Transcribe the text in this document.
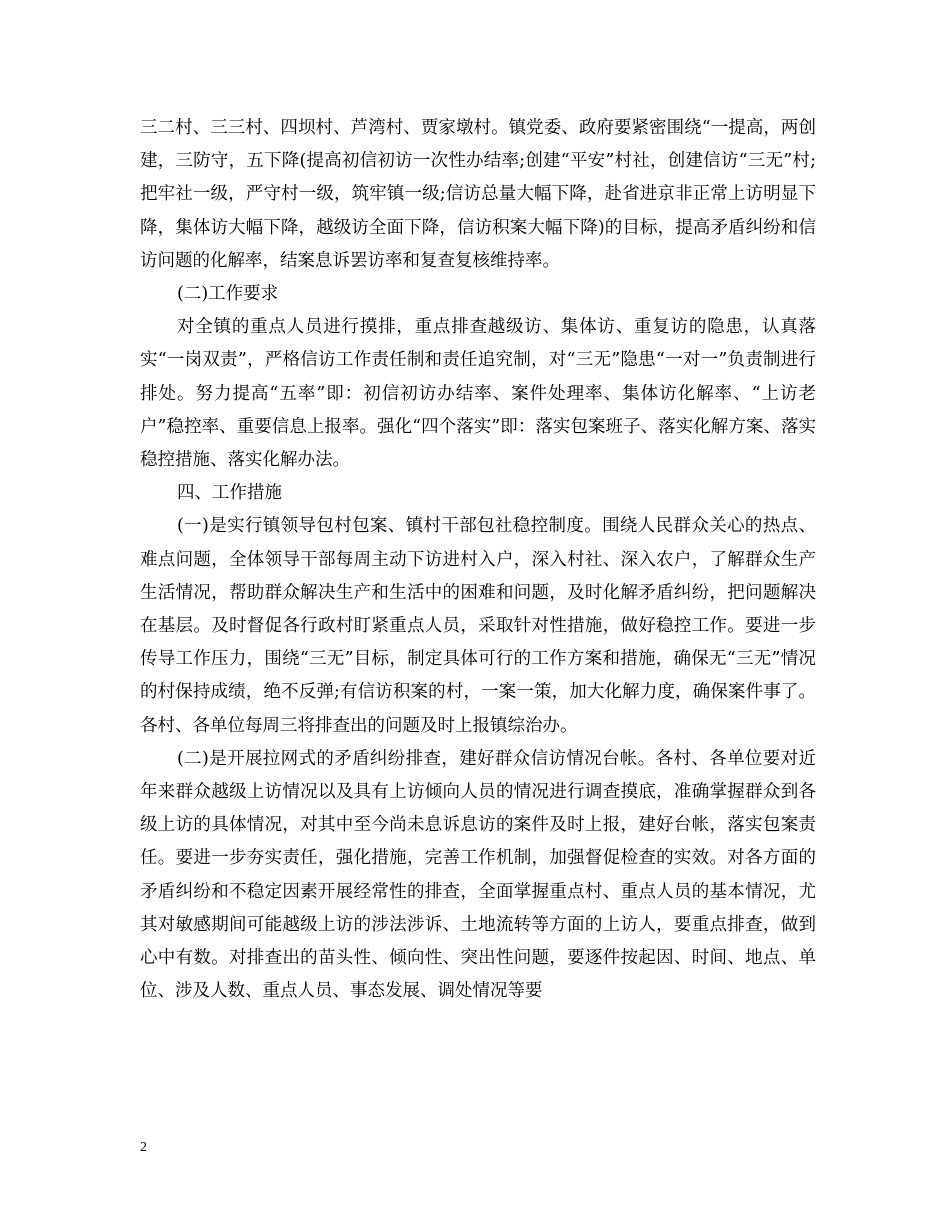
三二村、三三村、四坝村、芦湾村、贾家墩村。镇党委、政府要紧密围绕“一提高，两创建，三防守，五下降(提高初信初访一次性办结率;创建“平安”村社，创建信访“三无”村;把牢社一级，严守村一级，筑牢镇一级;信访总量大幅下降，赴省进京非正常上访明显下降，集体访大幅下降，越级访全面下降，信访积案大幅下降)的目标，提高矛盾纠纷和信访问题的化解率，结案息诉罢访率和复查复核维持率。

(二)工作要求

对全镇的重点人员进行摸排，重点排查越级访、集体访、重复访的隐患，认真落实“一岗双责”，严格信访工作责任制和责任追究制，对“三无”隐患“一对一”负责制进行排处。努力提高“五率”即：初信初访办结率、案件处理率、集体访化解率、“上访老户”稳控率、重要信息上报率。强化“四个落实”即：落实包案班子、落实化解方案、落实稳控措施、落实化解办法。

四、工作措施

(一)是实行镇领导包村包案、镇村干部包社稳控制度。围绕人民群众关心的热点、难点问题，全体领导干部每周主动下访进村入户，深入村社、深入农户，了解群众生产生活情况，帮助群众解决生产和生活中的困难和问题，及时化解矛盾纠纷，把问题解决在基层。及时督促各行政村盯紧重点人员，采取针对性措施，做好稳控工作。要进一步传导工作压力，围绕“三无”目标，制定具体可行的工作方案和措施，确保无“三无”情况的村保持成绩，绝不反弹;有信访积案的村，一案一策，加大化解力度，确保案件事了。各村、各单位每周三将排查出的问题及时上报镇综治办。

(二)是开展拉网式的矛盾纠纷排查，建好群众信访情况台帐。各村、各单位要对近年来群众越级上访情况以及具有上访倾向人员的情况进行调查摸底，准确掌握群众到各级上访的具体情况，对其中至今尚未息诉息访的案件及时上报，建好台帐，落实包案责任。要进一步夯实责任，强化措施，完善工作机制，加强督促检查的实效。对各方面的矛盾纠纷和不稳定因素开展经常性的排查，全面掌握重点村、重点人员的基本情况，尤其对敏感期间可能越级上访的涉法涉诉、土地流转等方面的上访人，要重点排查，做到心中有数。对排查出的苗头性、倾向性、突出性问题，要逐件按起因、时间、地点、单位、涉及人数、重点人员、事态发展、调处情况等要

2
